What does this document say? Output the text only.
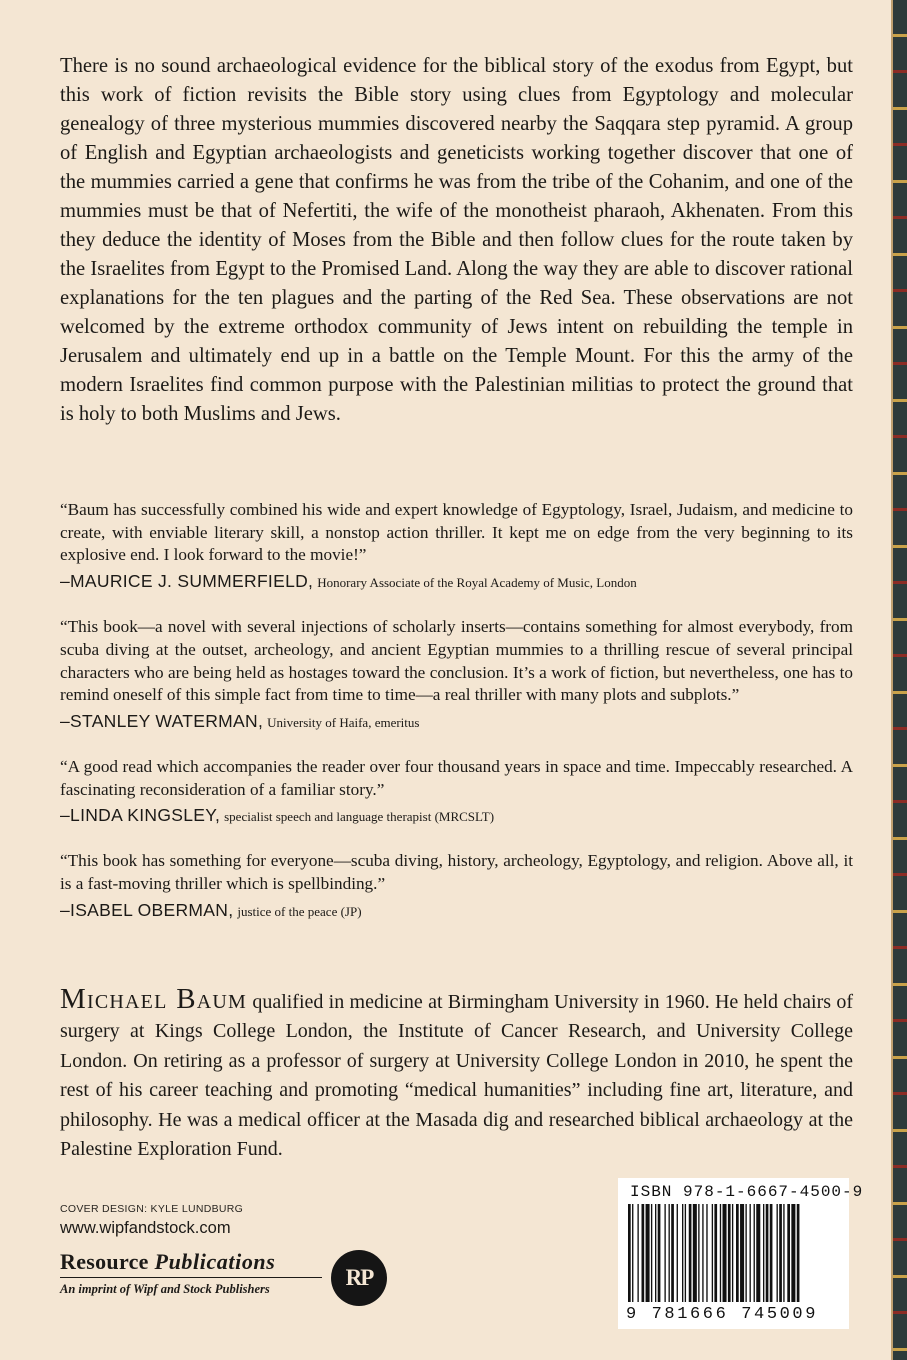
There is no sound archaeological evidence for the biblical story of the exodus from Egypt, but this work of fiction revisits the Bible story using clues from Egyptology and molecular genealogy of three mysterious mummies discovered nearby the Saqqara step pyramid. A group of English and Egyptian archaeologists and geneticists working together discover that one of the mummies carried a gene that confirms he was from the tribe of the Cohanim, and one of the mummies must be that of Nefertiti, the wife of the monotheist pharaoh, Akhenaten. From this they deduce the identity of Moses from the Bible and then follow clues for the route taken by the Israelites from Egypt to the Promised Land. Along the way they are able to discover rational explanations for the ten plagues and the parting of the Red Sea. These observations are not welcomed by the extreme orthodox community of Jews intent on rebuilding the temple in Jerusalem and ultimately end up in a battle on the Temple Mount. For this the army of the modern Israelites find common purpose with the Palestinian militias to protect the ground that is holy to both Muslims and Jews.

“Baum has successfully combined his wide and expert knowledge of Egyptology, Israel, Judaism, and medicine to create, with enviable literary skill, a nonstop action thriller. It kept me on edge from the very beginning to its explosive end. I look forward to the movie!”

–MAURICE J. SUMMERFIELD, Honorary Associate of the Royal Academy of Music, London

“This book—a novel with several injections of scholarly inserts—contains something for almost everybody, from scuba diving at the outset, archeology, and ancient Egyptian mummies to a thrilling rescue of several principal characters who are being held as hostages toward the conclusion. It’s a work of fiction, but nevertheless, one has to remind oneself of this simple fact from time to time—a real thriller with many plots and subplots.”

–STANLEY WATERMAN, University of Haifa, emeritus

“A good read which accompanies the reader over four thousand years in space and time. Impeccably researched. A fascinating reconsideration of a familiar story.”

–LINDA KINGSLEY, specialist speech and language therapist (MRCSLT)

“This book has something for everyone—scuba diving, history, archeology, Egyptology, and religion. Above all, it is a fast-moving thriller which is spellbinding.”

–ISABEL OBERMAN, justice of the peace (JP)

Michael Baum qualified in medicine at Birmingham University in 1960. He held chairs of surgery at Kings College London, the Institute of Cancer Research, and University College London. On retiring as a professor of surgery at University College London in 2010, he spent the rest of his career teaching and promoting “medical humanities” including fine art, literature, and philosophy. He was a medical officer at the Masada dig and researched biblical archaeology at the Palestine Exploration Fund.

COVER DESIGN: KYLE LUNDBURG
www.wipfandstock.com
Resource Publications
An imprint of Wipf and Stock Publishers	RP
ISBN 978-1-6667-4500-9
9 781666 745009
